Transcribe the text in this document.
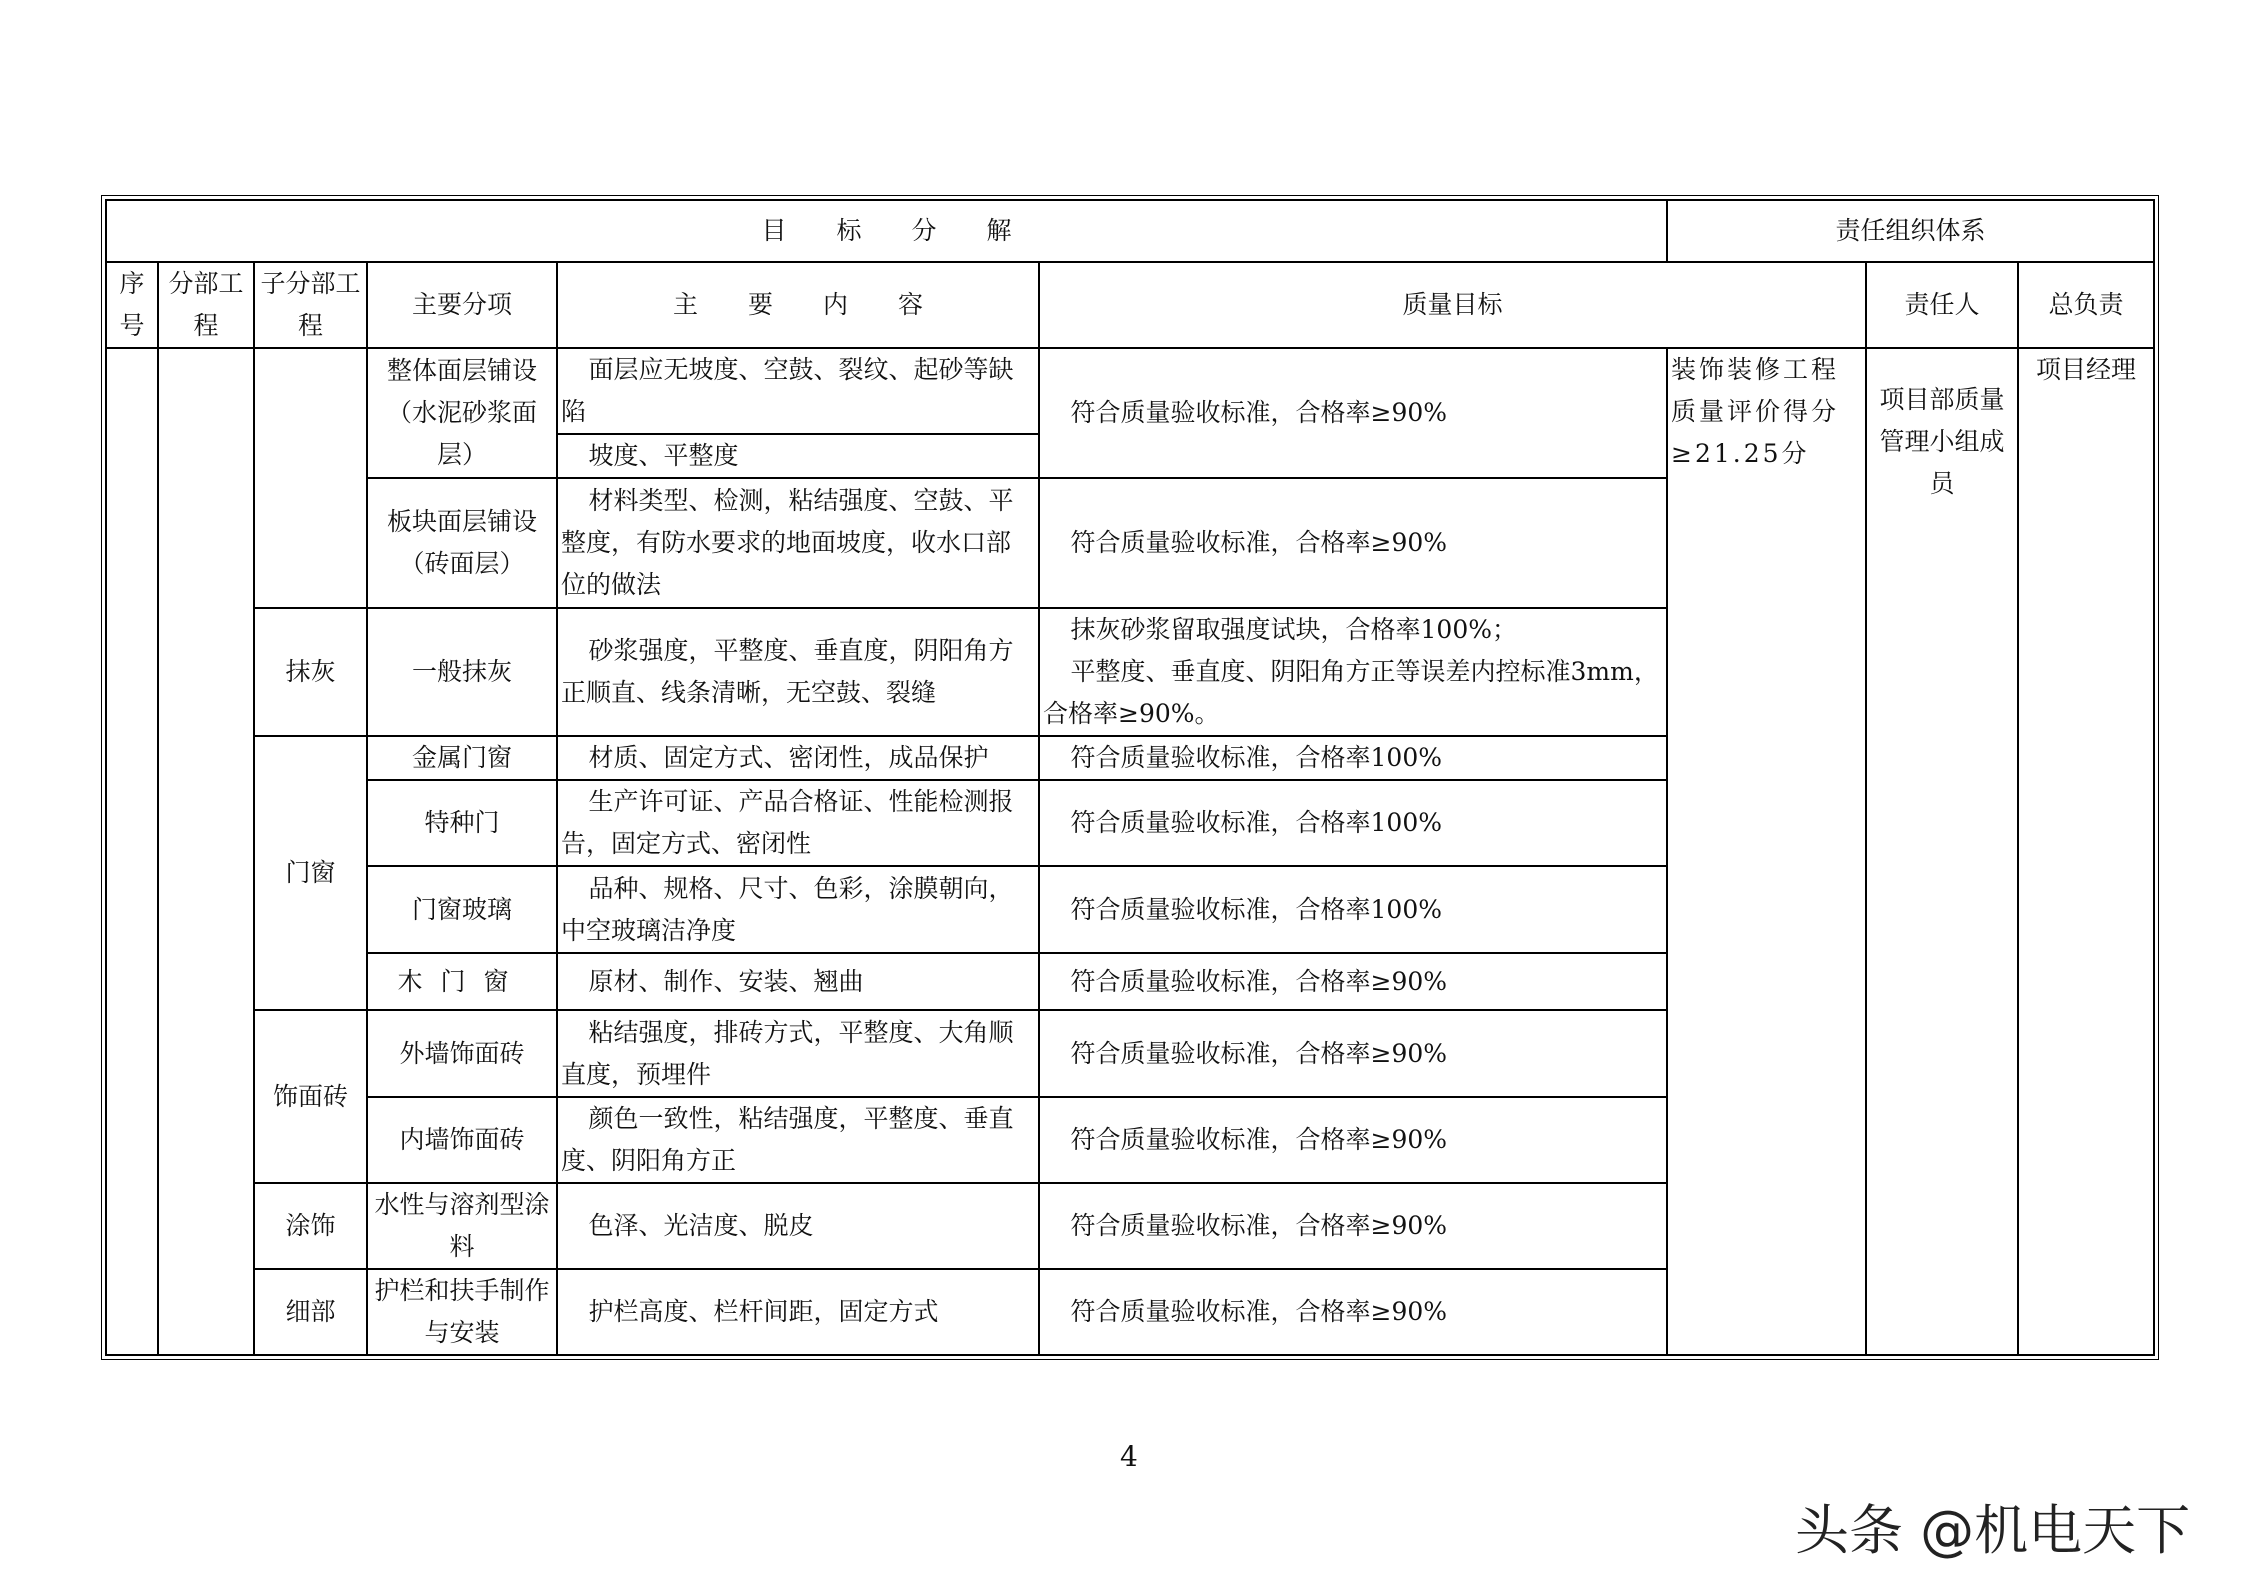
目　　标　　分　　解						责任组织体系		
序号	分部工程	子分部工程	主要分项	主　　要　　内　　容	质量目标		责任人	总负责
			整体面层铺设（水泥砂浆面层）	面层应无坡度、空鼓、裂纹、起砂等缺陷	符合质量验收标准，合格率≥90%	装饰装修工程质量评价得分≥21.25分	项目部质量管理小组成员	项目经理
				坡度、平整度				
			板块面层铺设（砖面层）	材料类型、检测，粘结强度、空鼓、平整度，有防水要求的地面坡度，收水口部位的做法	符合质量验收标准，合格率≥90%			
		抹灰	一般抹灰	砂浆强度，平整度、垂直度，阴阳角方正顺直、线条清晰，无空鼓、裂缝	抹灰砂浆留取强度试块，合格率100%；
平整度、垂直度、阴阳角方正等误差内控标准3mm，合格率≥90%。			

		门窗	金属门窗	材质、固定方式、密闭性，成品保护	符合质量验收标准，合格率100%			
			特种门	生产许可证、产品合格证、性能检测报告，固定方式、密闭性	符合质量验收标准，合格率100%			
			门窗玻璃	品种、规格、尺寸、色彩，涂膜朝向，中空玻璃洁净度	符合质量验收标准，合格率100%			
			木门窗	原材、制作、安装、翘曲	符合质量验收标准，合格率≥90%			
		饰面砖	外墙饰面砖	粘结强度，排砖方式，平整度、大角顺直度，预埋件	符合质量验收标准，合格率≥90%			
			内墙饰面砖	颜色一致性，粘结强度，平整度、垂直度、阴阳角方正	符合质量验收标准，合格率≥90%			
		涂饰	水性与溶剂型涂料	色泽、光洁度、脱皮	符合质量验收标准，合格率≥90%			
		细部	护栏和扶手制作与安装	护栏高度、栏杆间距，固定方式	符合质量验收标准，合格率≥90%			
4
头条 @机电天下
